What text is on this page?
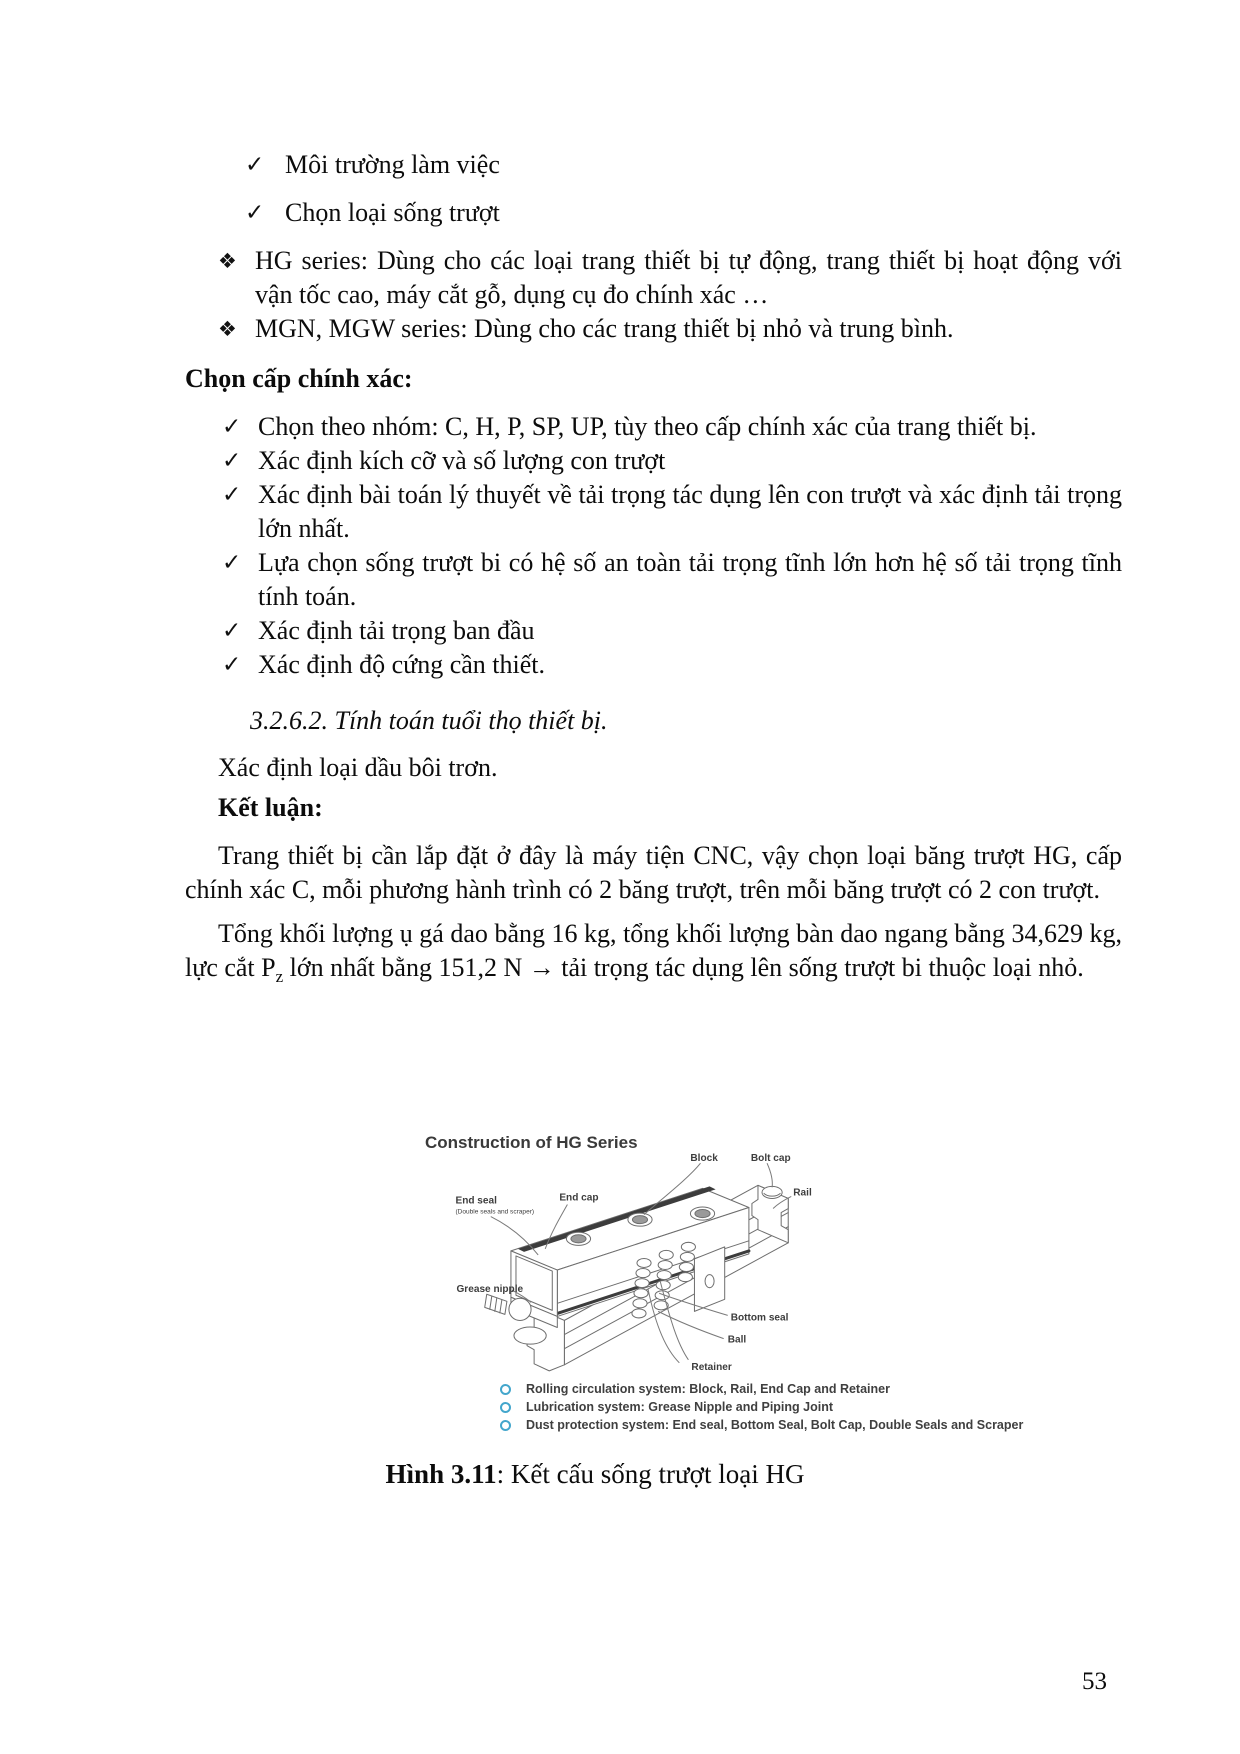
✓ Môi trường làm việc
✓ Chọn loại sống trượt
❖ HG series: Dùng cho các loại trang thiết bị tự động, trang thiết bị hoạt động với vận tốc cao, máy cắt gỗ, dụng cụ đo chính xác …
❖ MGN, MGW series: Dùng cho các trang thiết bị nhỏ và trung bình.
Chọn cấp chính xác:
✓ Chọn theo nhóm: C, H, P, SP, UP, tùy theo cấp chính xác của trang thiết bị.
✓ Xác định kích cỡ và số lượng con trượt
✓ Xác định bài toán lý thuyết về tải trọng tác dụng lên con trượt và xác định tải trọng lớn nhất.
✓ Lựa chọn sống trượt bi có hệ số an toàn tải trọng tĩnh lớn hơn hệ số tải trọng tĩnh tính toán.
✓ Xác định tải trọng ban đầu
✓ Xác định độ cứng cần thiết.
3.2.6.2. Tính toán tuổi thọ thiết bị.
Xác định loại dầu bôi trơn.
Kết luận:

Trang thiết bị cần lắp đặt ở đây là máy tiện CNC, vậy chọn loại băng trượt HG, cấp chính xác C, mỗi phương hành trình có 2 băng trượt, trên mỗi băng trượt có 2 con trượt.

Tổng khối lượng ụ gá dao bằng 16 kg, tổng khối lượng bàn dao ngang bằng 34,629 kg, lực cắt $P_z$ lớn nhất bằng 151,2 N → tải trọng tác dụng lên sống trượt bi thuộc loại nhỏ.

Construction of HG Series
Block	Bolt cap
Rail
End seal
(Double seals and scraper)
End cap
Grease nipple
Bottom seal
Ball
Retainer
Rolling circulation system: Block, Rail, End Cap and Retainer
Lubrication system: Grease Nipple and Piping Joint
Dust protection system: End seal, Bottom Seal, Bolt Cap, Double Seals and Scraper
Hình 3.11: Kết cấu sống trượt loại HG
53
